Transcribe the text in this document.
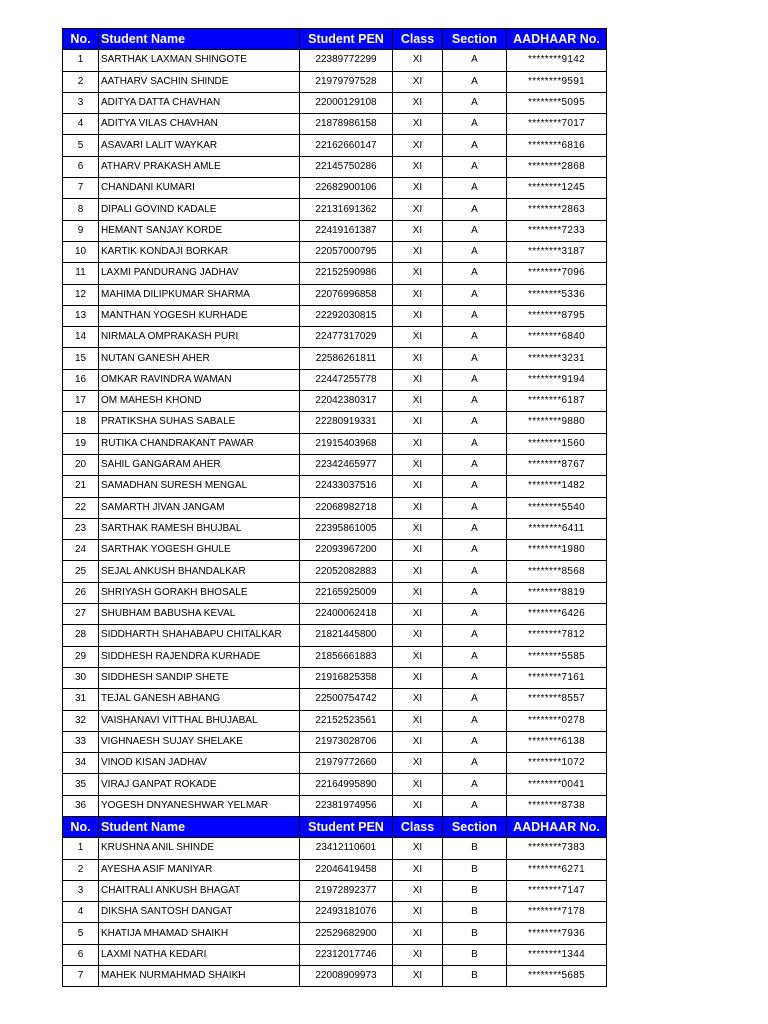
No.	Student Name	Student PEN	Class	Section	AADHAAR No.
1	SARTHAK LAXMAN SHINGOTE	22389772299	XI	A	********9142
2	AATHARV SACHIN SHINDE	21979797528	XI	A	********9591
3	ADITYA DATTA CHAVHAN	22000129108	XI	A	********5095
4	ADITYA VILAS CHAVHAN	21878986158	XI	A	********7017
5	ASAVARI LALIT WAYKAR	22162660147	XI	A	********6816
6	ATHARV PRAKASH AMLE	22145750286	XI	A	********2868
7	CHANDANI KUMARI	22682900106	XI	A	********1245
8	DIPALI GOVIND KADALE	22131691362	XI	A	********2863
9	HEMANT SANJAY KORDE	22419161387	XI	A	********7233
10	KARTIK KONDAJI BORKAR	22057000795	XI	A	********3187
11	LAXMI PANDURANG JADHAV	22152590986	XI	A	********7096
12	MAHIMA DILIPKUMAR SHARMA	22076996858	XI	A	********5336
13	MANTHAN YOGESH KURHADE	22292030815	XI	A	********8795
14	NIRMALA OMPRAKASH PURI	22477317029	XI	A	********6840
15	NUTAN GANESH AHER	22586261811	XI	A	********3231
16	OMKAR RAVINDRA WAMAN	22447255778	XI	A	********9194
17	OM MAHESH KHOND	22042380317	XI	A	********6187
18	PRATIKSHA SUHAS SABALE	22280919331	XI	A	********9880
19	RUTIKA CHANDRAKANT PAWAR	21915403968	XI	A	********1560
20	SAHIL GANGARAM AHER	22342465977	XI	A	********8767
21	SAMADHAN SURESH MENGAL	22433037516	XI	A	********1482
22	SAMARTH JIVAN JANGAM	22068982718	XI	A	********5540
23	SARTHAK RAMESH BHUJBAL	22395861005	XI	A	********6411
24	SARTHAK YOGESH GHULE	22093967200	XI	A	********1980
25	SEJAL ANKUSH BHANDALKAR	22052082883	XI	A	********8568
26	SHRIYASH GORAKH BHOSALE	22165925009	XI	A	********8819
27	SHUBHAM BABUSHA KEVAL	22400062418	XI	A	********6426
28	SIDDHARTH SHAHABAPU CHITALKAR	21821445800	XI	A	********7812
29	SIDDHESH RAJENDRA KURHADE	21856661883	XI	A	********5585
30	SIDDHESH SANDIP SHETE	21916825358	XI	A	********7161
31	TEJAL GANESH ABHANG	22500754742	XI	A	********8557
32	VAISHANAVI VITTHAL BHUJABAL	22152523561	XI	A	********0278
33	VIGHNAESH SUJAY SHELAKE	21973028706	XI	A	********6138
34	VINOD KISAN JADHAV	21979772660	XI	A	********1072
35	VIRAJ GANPAT ROKADE	22164995890	XI	A	********0041
36	YOGESH DNYANESHWAR YELMAR	22381974956	XI	A	********8738
No.	Student Name	Student PEN	Class	Section	AADHAAR No.
1	KRUSHNA ANIL SHINDE	23412110601	XI	B	********7383
2	AYESHA ASIF MANIYAR	22046419458	XI	B	********6271
3	CHAITRALI ANKUSH BHAGAT	21972892377	XI	B	********7147
4	DIKSHA SANTOSH DANGAT	22493181076	XI	B	********7178
5	KHATIJA MHAMAD SHAIKH	22529682900	XI	B	********7936
6	LAXMI NATHA KEDARI	22312017746	XI	B	********1344
7	MAHEK NURMAHMAD SHAIKH	22008909973	XI	B	********5685
